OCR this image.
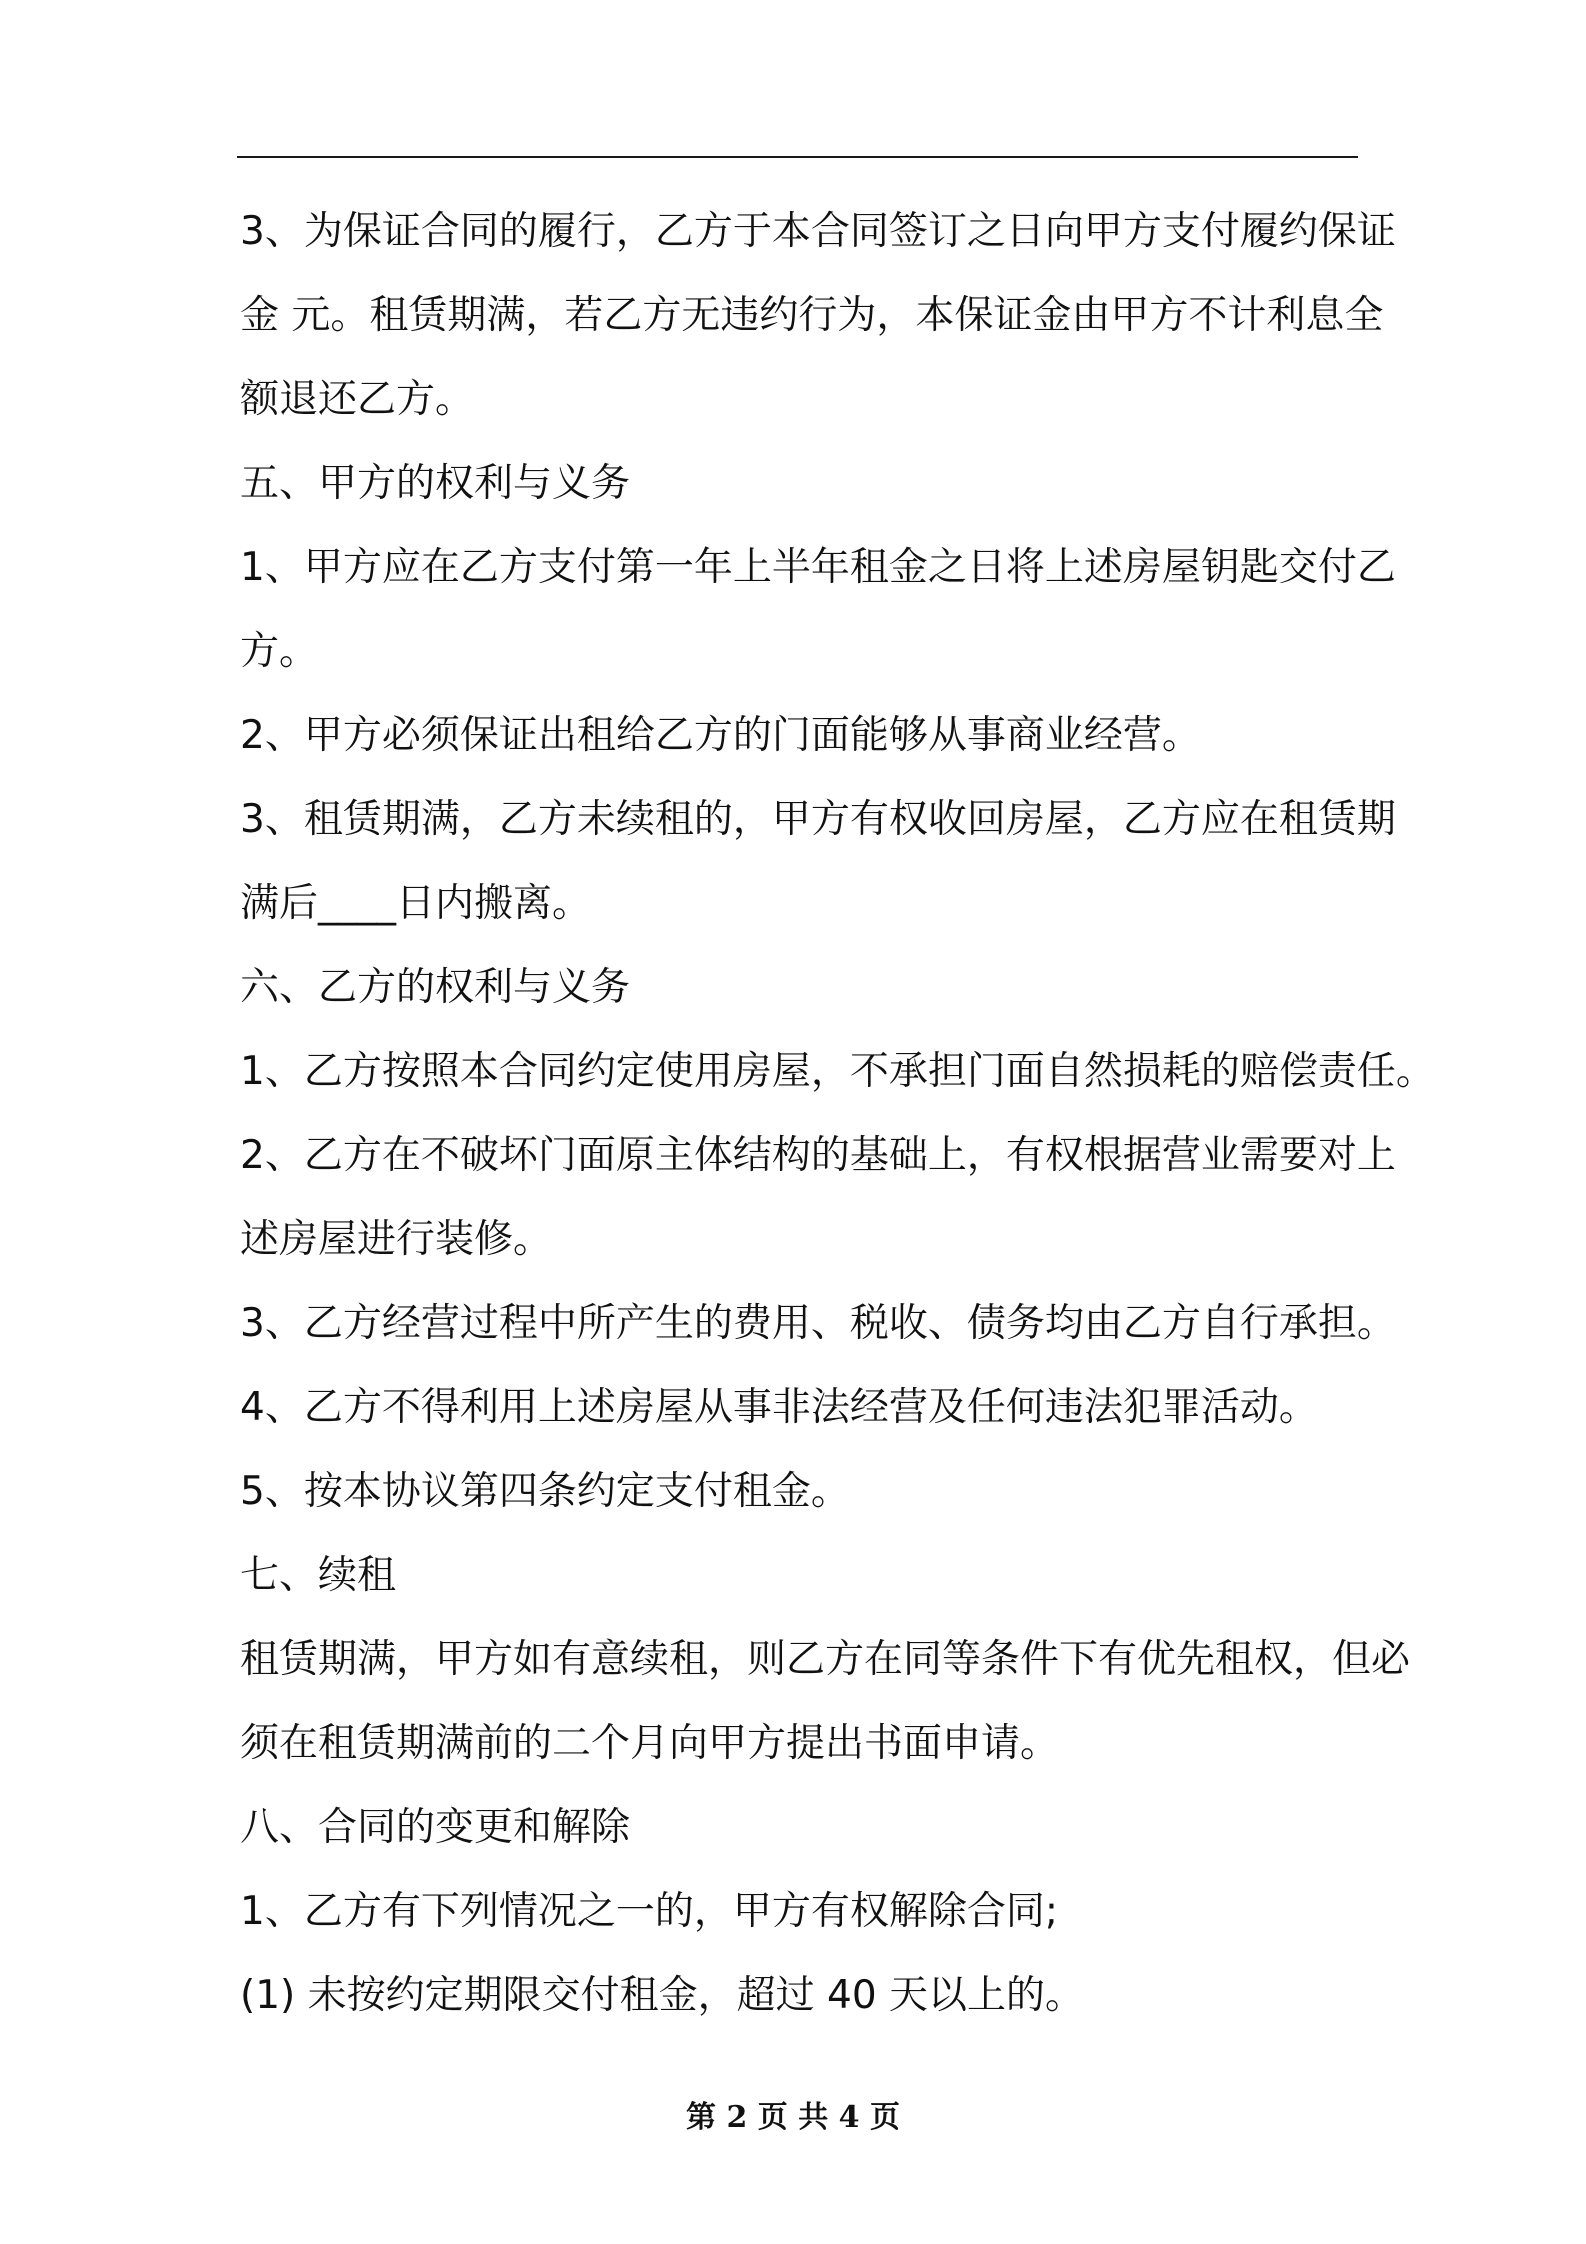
3、为保证合同的履行，乙方于本合同签订之日向甲方支付履约保证
金 元。租赁期满，若乙方无违约行为，本保证金由甲方不计利息全
额退还乙方。
五、甲方的权利与义务
1、甲方应在乙方支付第一年上半年租金之日将上述房屋钥匙交付乙
方。
2、甲方必须保证出租给乙方的门面能够从事商业经营。
3、租赁期满，乙方未续租的，甲方有权收回房屋，乙方应在租赁期
满后____日内搬离。
六、乙方的权利与义务
1、乙方按照本合同约定使用房屋，不承担门面自然损耗的赔偿责任。
2、乙方在不破坏门面原主体结构的基础上，有权根据营业需要对上
述房屋进行装修。
3、乙方经营过程中所产生的费用、税收、债务均由乙方自行承担。
4、乙方不得利用上述房屋从事非法经营及任何违法犯罪活动。
5、按本协议第四条约定支付租金。
七、续租
租赁期满，甲方如有意续租，则乙方在同等条件下有优先租权，但必
须在租赁期满前的二个月向甲方提出书面申请。
八、合同的变更和解除
1、乙方有下列情况之一的，甲方有权解除合同;
(1) 未按约定期限交付租金，超过 40 天以上的。
第 2 页 共 4 页
